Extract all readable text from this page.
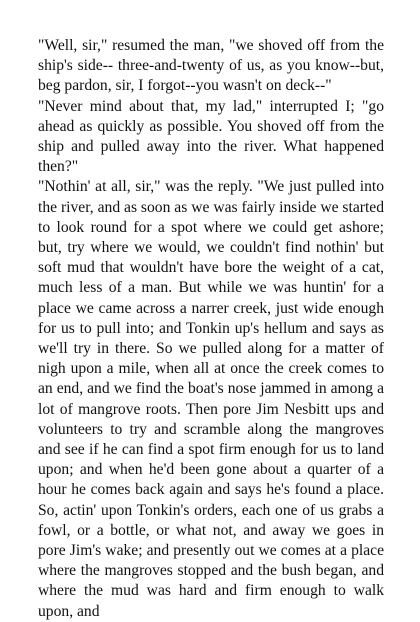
"Well, sir," resumed the man, "we shoved off from the ship's side-- three-and-twenty of us, as you know--but, beg pardon, sir, I forgot--you wasn't on deck--"

"Never mind about that, my lad," interrupted I; "go ahead as quickly as possible. You shoved off from the ship and pulled away into the river. What happened then?"

"Nothin' at all, sir," was the reply. "We just pulled into the river, and as soon as we was fairly inside we started to look round for a spot where we could get ashore; but, try where we would, we couldn't find nothin' but soft mud that wouldn't have bore the weight of a cat, much less of a man. But while we was huntin' for a place we came across a narrer creek, just wide enough for us to pull into; and Tonkin up's hellum and says as we'll try in there. So we pulled along for a matter of nigh upon a mile, when all at once the creek comes to an end, and we find the boat's nose jammed in among a lot of mangrove roots. Then pore Jim Nesbitt ups and volunteers to try and scramble along the mangroves and see if he can find a spot firm enough for us to land upon; and when he'd been gone about a quarter of a hour he comes back again and says he's found a place. So, actin' upon Tonkin's orders, each one of us grabs a fowl, or a bottle, or what not, and away we goes in pore Jim's wake; and presently out we comes at a place where the mangroves stopped and the bush began, and where the mud was hard and firm enough to walk upon, and
